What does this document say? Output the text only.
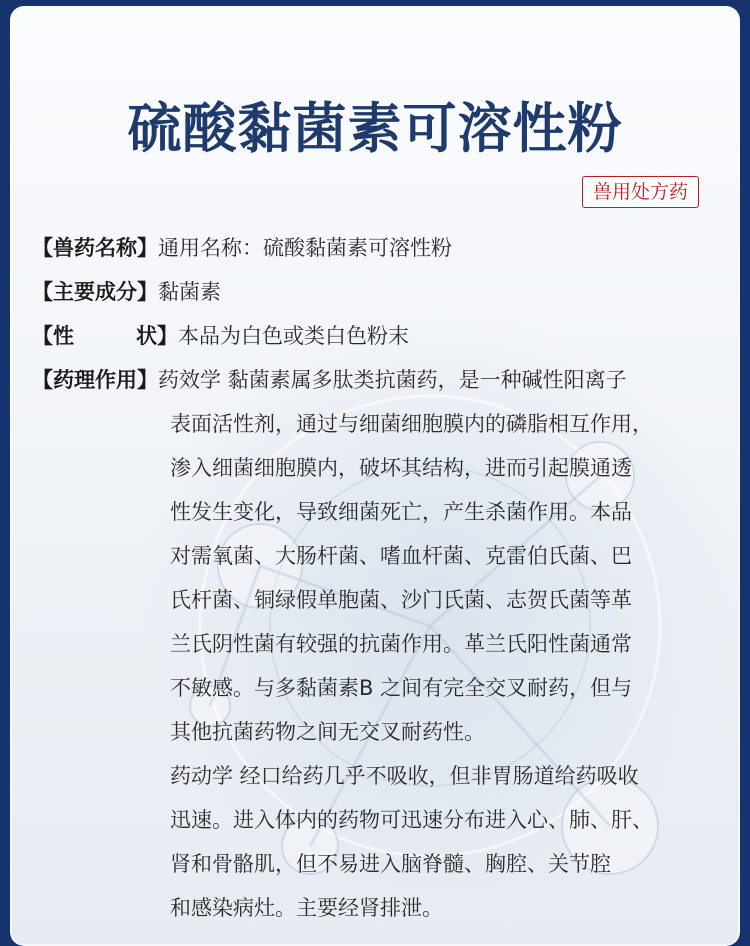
硫酸黏菌素可溶性粉
兽用处方药
【兽药名称】通用名称：硫酸黏菌素可溶性粉
【主要成分】黏菌素
【性	状】本品为白色或类白色粉末
【药理作用】药效学 黏菌素属多肽类抗菌药，是一种碱性阳离子
表面活性剂，通过与细菌细胞膜内的磷脂相互作用，
渗入细菌细胞膜内，破坏其结构，进而引起膜通透
性发生变化，导致细菌死亡，产生杀菌作用。本品
对需氧菌、大肠杆菌、嗜血杆菌、克雷伯氏菌、巴
氏杆菌、铜绿假单胞菌、沙门氏菌、志贺氏菌等革
兰氏阴性菌有较强的抗菌作用。革兰氏阳性菌通常
不敏感。与多黏菌素B 之间有完全交叉耐药，但与
其他抗菌药物之间无交叉耐药性。
药动学 经口给药几乎不吸收，但非胃肠道给药吸收
迅速。进入体内的药物可迅速分布进入心、肺、肝、
肾和骨骼肌，但不易进入脑脊髓、胸腔、关节腔
和感染病灶。主要经肾排泄。
